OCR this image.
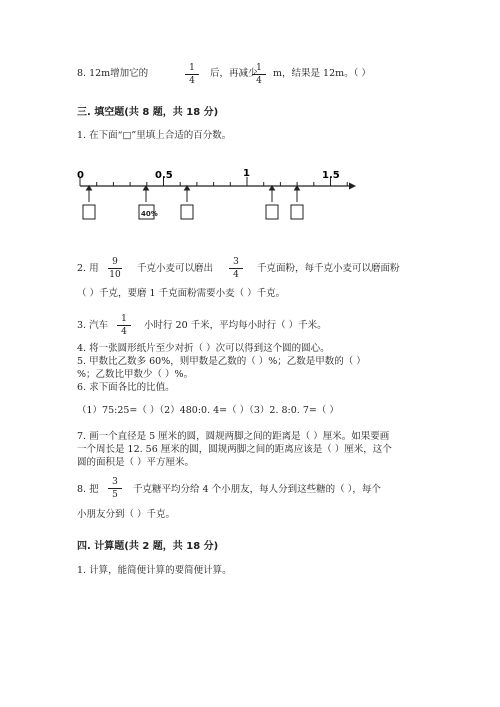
8. 12m增加它的	1
4
后，再减少
1
4
m，结果是 12m。（ ）
三. 填空题(共 8 题，共 18 分)
1. 在下面“□”里填上合适的百分数。
0	0.5	1	1.5
40%
2. 用
9
10
千克小麦可以磨出
3
4
千克面粉，每千克小麦可以磨面粉
（ ）千克，要磨 1 千克面粉需要小麦（ ）千克。
3. 汽车
1
4
小时行 20 千米，平均每小时行（ ）千米。
4. 将一张圆形纸片至少对折（ ）次可以得到这个圆的圆心。
5. 甲数比乙数多 60%，则甲数是乙数的（ ）%；乙数是甲数的（ ）
%；乙数比甲数少（ ）%。
6. 求下面各比的比值。
（1）75:25=（ ）（2）480:0. 4=（ ）（3）2. 8:0. 7=（ ）
7. 画一个直径是 5 厘米的圆，圆规两脚之间的距离是（ ）厘米。如果要画
一个周长是 12. 56 厘米的圆，圆规两脚之间的距离应该是（ ）厘米，这个
圆的面积是（ ）平方厘米。
8. 把
3
5	千克糖平均分给 4 个小朋友，每人分到这些糖的（ ），每个
小朋友分到（ ）千克。
四. 计算题(共 2 题，共 18 分)
1. 计算，能简便计算的要简便计算。
